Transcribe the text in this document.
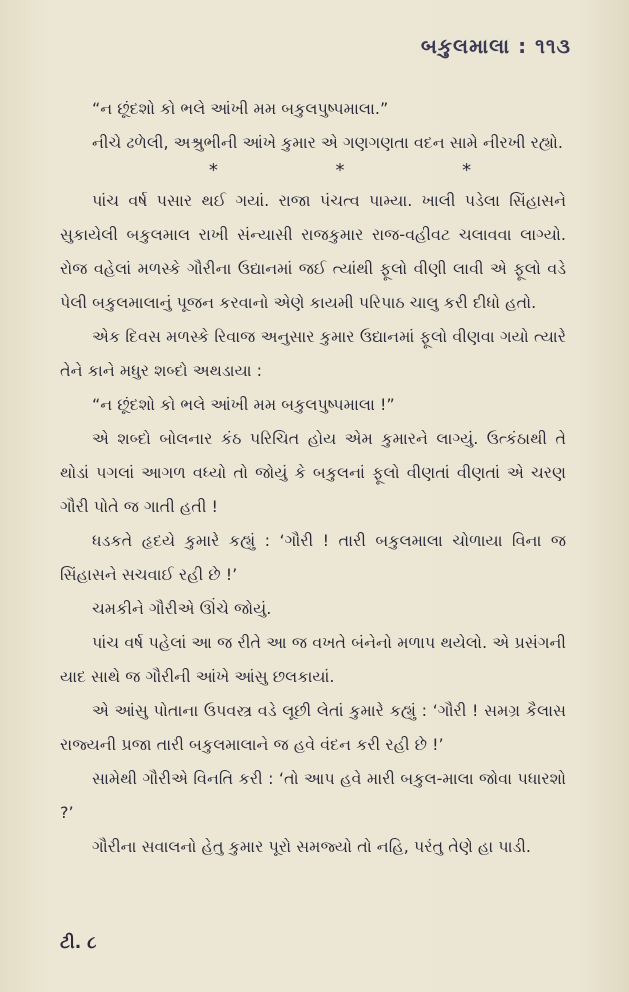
બકુલમાલા : ૧૧૩

“ન છૂંદશો કો ભલે આંખી મમ બકુલપુષ્પમાલા.”

નીચે ઢળેલી, અશ્રુભીની આંખે કુમાર એ ગણગણતા વદન સામે નીરખી રહ્યો.

*	*	*

પાંચ વર્ષ પસાર થઈ ગયાં. રાજા પંચત્વ પામ્યા. ખાલી પડેલા સિંહાસને સુકાયેલી બકુલમાલ રાખી સંન્યાસી રાજકુમાર રાજ-વહીવટ ચલાવવા લાગ્યો. રોજ વહેલાં મળસ્કે ગૌરીના ઉદ્યાનમાં જઈ ત્યાંથી ફૂલો વીણી લાવી એ ફૂલો વડે પેલી બકુલમાલાનું પૂજન કરવાનો એણે કાયમી પરિપાઠ ચાલુ કરી દીધો હતો.

એક દિવસ મળસ્કે રિવાજ અનુસાર કુમાર ઉદ્યાનમાં ફૂલો વીણવા ગયો ત્યારે તેને કાને મધુર શબ્દો અથડાયા :

“ન છૂંદશો કો ભલે આંખી મમ બકુલપુષ્પમાલા !”

એ શબ્દો બોલનાર કંઠ પરિચિત હોય એમ કુમારને લાગ્યું. ઉત્કંઠાથી તે થોડાં પગલાં આગળ વધ્યો તો જોયું કે બકુલનાં ફૂલો વીણતાં વીણતાં એ ચરણ ગૌરી પોતે જ ગાતી હતી !

ધડકતે હૃદયે કુમારે કહ્યું : ‘ગૌરી ! તારી બકુલમાલા ચોળાયા વિના જ સિંહાસને સચવાઈ રહી છે !’

ચમકીને ગૌરીએ ઊંચે જોયું.

પાંચ વર્ષ પહેલાં આ જ રીતે આ જ વખતે બંનેનો મળાપ થયેલો. એ પ્રસંગની યાદ સાથે જ ગૌરીની આંખે આંસુ છલકાયાં.

એ આંસુ પોતાના ઉપવસ્ત્ર વડે લૂછી લેતાં કુમારે કહ્યું : ‘ગૌરી ! સમગ્ર કૈલાસ રાજ્યની પ્રજા તારી બકુલમાલાને જ હવે વંદન કરી રહી છે !’

સામેથી ગૌરીએ વિનતિ કરી : ‘તો આપ હવે મારી બકુલ-માલા જોવા પધારશો ?’

ગૌરીના સવાલનો હેતુ કુમાર પૂરો સમજ્યો તો નહિ, પરંતુ તેણે હા પાડી.

ટી. ૮
